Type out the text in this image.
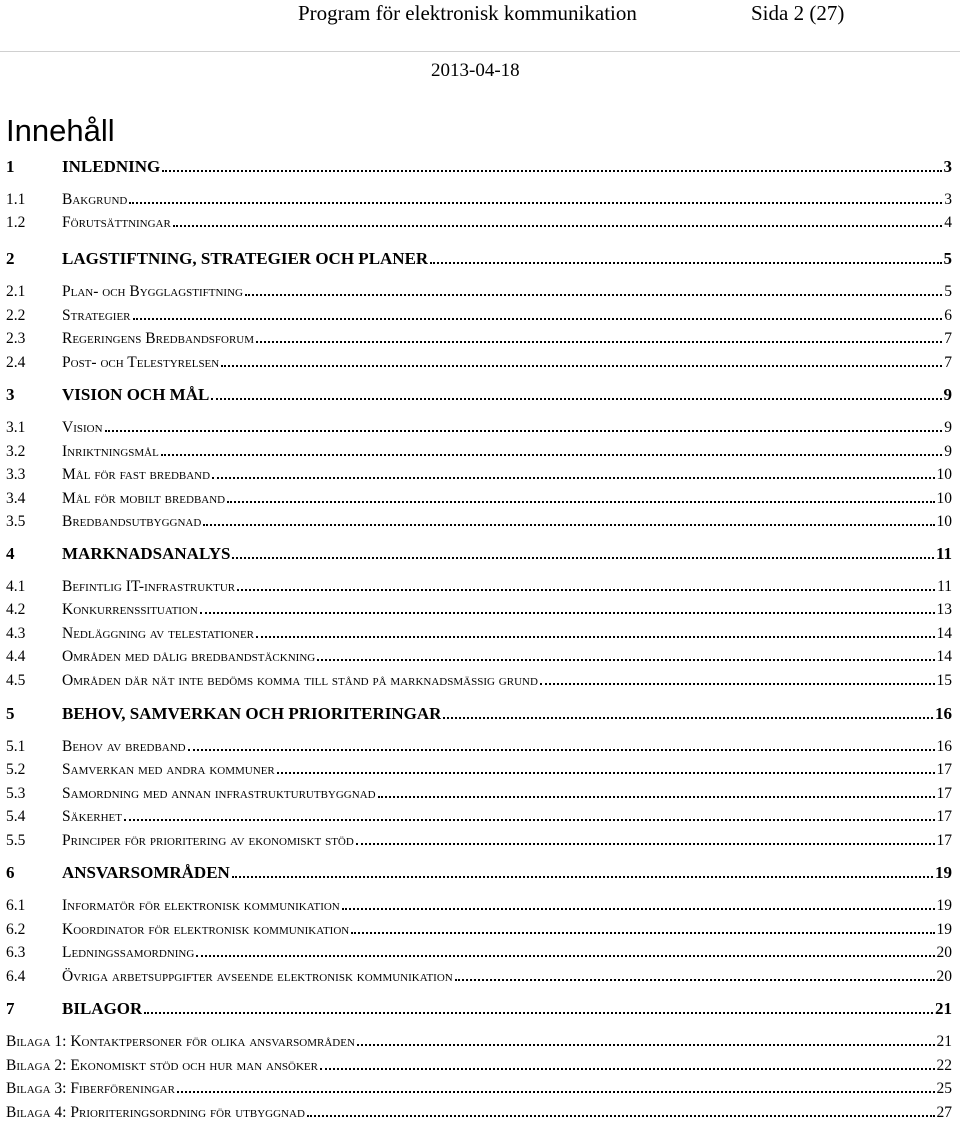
Program för elektronisk kommunikation	Sida 2 (27)
2013-04-18
Innehåll
1	INLEDNING	3
1.1	Bakgrund	3
1.2	Förutsättningar	4
2	LAGSTIFTNING, STRATEGIER OCH PLANER	5
2.1	Plan- och Bygglagstiftning	5
2.2	Strategier	6
2.3	Regeringens Bredbandsforum	7
2.4	Post- och Telestyrelsen	7
3	VISION OCH MÅL	9
3.1	Vision	9
3.2	Inriktningsmål	9
3.3	Mål för fast bredband	10
3.4	Mål för mobilt bredband	10
3.5	Bredbandsutbyggnad	10
4	MARKNADSANALYS	11
4.1	Befintlig IT-infrastruktur	11
4.2	Konkurrenssituation	13
4.3	Nedläggning av telestationer	14
4.4	Områden med dålig bredbandstäckning	14
4.5	Områden där nät inte bedöms komma till stånd på marknadsmässig grund	15
5	BEHOV, SAMVERKAN OCH PRIORITERINGAR	16
5.1	Behov av bredband	16
5.2	Samverkan med andra kommuner	17
5.3	Samordning med annan infrastrukturutbyggnad	17
5.4	Säkerhet	17
5.5	Principer för prioritering av ekonomiskt stöd	17
6	ANSVARSOMRÅDEN	19
6.1	Informatör för elektronisk kommunikation	19
6.2	Koordinator för elektronisk kommunikation	19
6.3	Ledningssamordning	20
6.4	Övriga arbetsuppgifter avseende elektronisk kommunikation	20
7	BILAGOR	21
Bilaga 1: Kontaktpersoner för olika ansvarsområden	21
Bilaga 2: Ekonomiskt stöd och hur man ansöker	22
Bilaga 3: Fiberföreningar	25
Bilaga 4: Prioriteringsordning för utbyggnad	27
